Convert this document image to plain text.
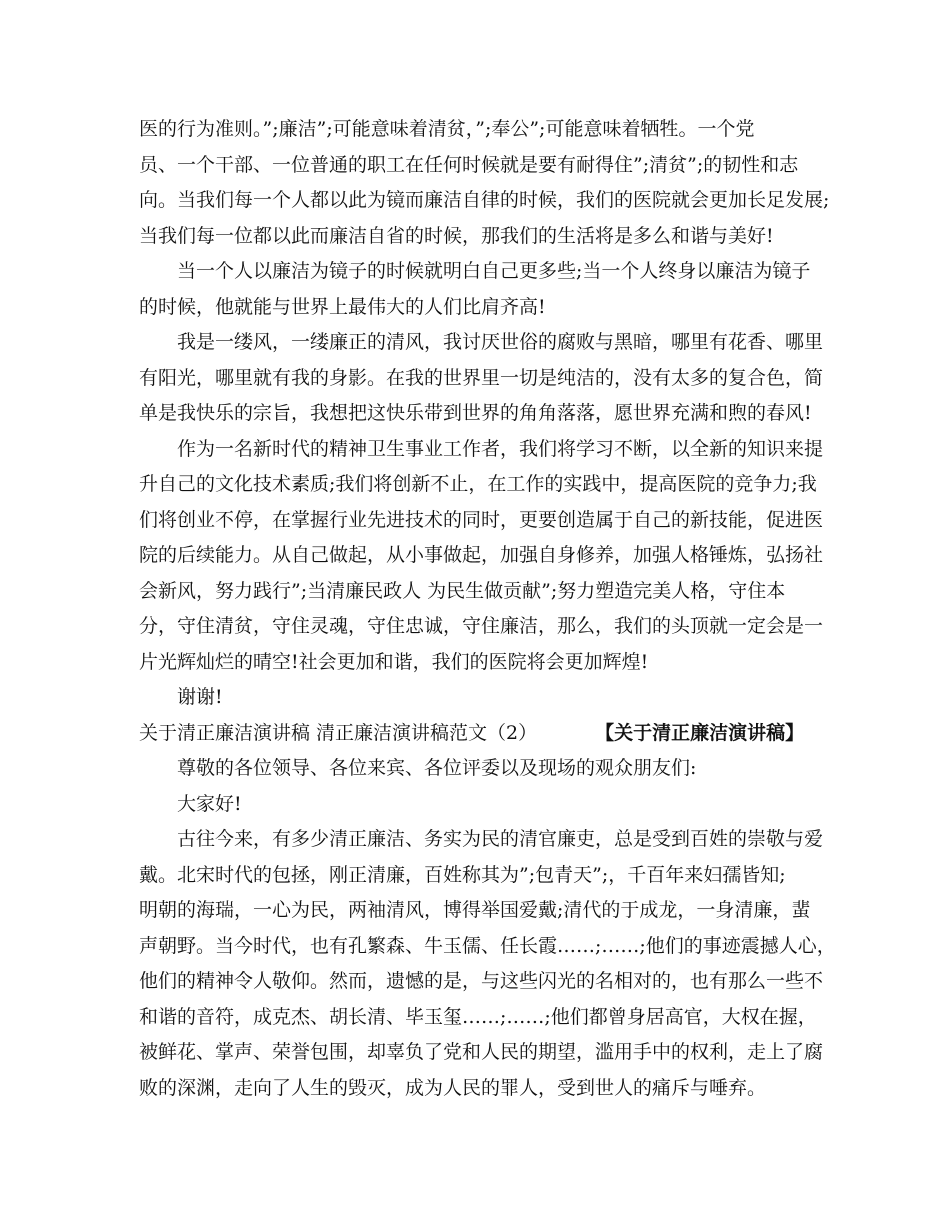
医的行为准则。”;廉洁”;可能意味着清贫，”;奉公”;可能意味着牺牲。一个党
员、一个干部、一位普通的职工在任何时候就是要有耐得住”;清贫”;的韧性和志
向。当我们每一个人都以此为镜而廉洁自律的时候，我们的医院就会更加长足发展;
当我们每一位都以此而廉洁自省的时候，那我们的生活将是多么和谐与美好!
当一个人以廉洁为镜子的时候就明白自己更多些;当一个人终身以廉洁为镜子
的时候，他就能与世界上最伟大的人们比肩齐高!
我是一缕风，一缕廉正的清风，我讨厌世俗的腐败与黑暗，哪里有花香、哪里
有阳光，哪里就有我的身影。在我的世界里一切是纯洁的，没有太多的复合色，简
单是我快乐的宗旨，我想把这快乐带到世界的角角落落，愿世界充满和煦的春风!
作为一名新时代的精神卫生事业工作者，我们将学习不断，以全新的知识来提
升自己的文化技术素质;我们将创新不止，在工作的实践中，提高医院的竞争力;我
们将创业不停，在掌握行业先进技术的同时，更要创造属于自己的新技能，促进医
院的后续能力。从自己做起，从小事做起，加强自身修养，加强人格锤炼，弘扬社
会新风，努力践行”;当清廉民政人 为民生做贡献”;努力塑造完美人格，守住本
分，守住清贫，守住灵魂，守住忠诚，守住廉洁，那么，我们的头顶就一定会是一
片光辉灿烂的晴空!社会更加和谐，我们的医院将会更加辉煌!
谢谢!
关于清正廉洁演讲稿 清正廉洁演讲稿范文（2）	【关于清正廉洁演讲稿】
尊敬的各位领导、各位来宾、各位评委以及现场的观众朋友们:
大家好!
古往今来，有多少清正廉洁、务实为民的清官廉吏，总是受到百姓的崇敬与爱
戴。北宋时代的包拯，刚正清廉，百姓称其为”;包青天”;，千百年来妇孺皆知;
明朝的海瑞，一心为民，两袖清风，博得举国爱戴;清代的于成龙，一身清廉，蜚
声朝野。当今时代，也有孔繁森、牛玉儒、任长霞……;……;他们的事迹震撼人心，
他们的精神令人敬仰。然而，遗憾的是，与这些闪光的名相对的，也有那么一些不
和谐的音符，成克杰、胡长清、毕玉玺……;……;他们都曾身居高官，大权在握，
被鲜花、掌声、荣誉包围，却辜负了党和人民的期望，滥用手中的权利，走上了腐
败的深渊，走向了人生的毁灭，成为人民的罪人，受到世人的痛斥与唾弃。
